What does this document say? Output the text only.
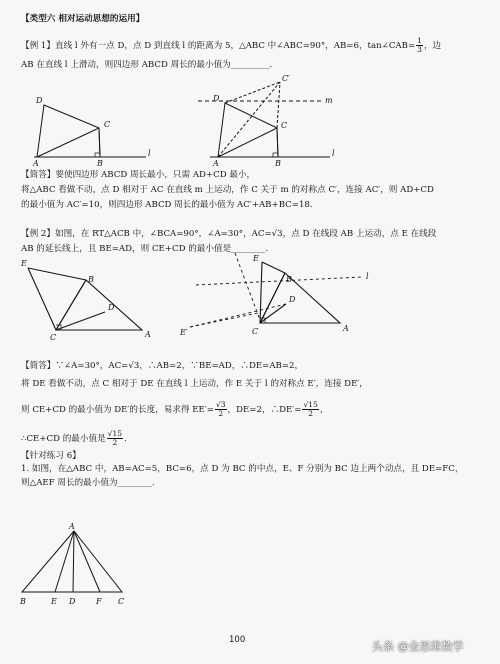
【类型六 相对运动思想的运用】
【例 1】直线 l 外有一点 D，点 D 到直线 l 的距离为 5，△ABC 中∠ABC=90°，AB=6，tan∠CAB= $\frac{1}{3}$ ，边
AB 在直线 l 上滑动，则四边形 ABCD 周长的最小值为_________.
D
C
A	B
l
C′
m
D
C
A	B
l
【简答】要使四边形 ABCD 周长最小，只需 AD+CD 最小，
将△ABC 看做不动，点 D 相对于 AC 在直线 m 上运动，作 C 关于 m 的对称点 C′，连接 AC′，则 AD+CD
的最小值为 AC′=10，则四边形 ABCD 周长的最小值为 AC′+AB+BC=18.
【例 2】如图，在 RT△ACB 中，∠BCA=90°，∠A=30°，AC=√3，点 D 在线段 AB 上运动，点 E 在线段
AB 的延长线上，且 BE=AD，则 CE+CD 的最小值是________.
E
B
D
C	A
E
B
D
E′	C	A
l
【简答】∵∠A=30°，AC=√3，∴AB=2，∵BE=AD，∴DE=AB=2，
将 DE 看做不动，点 C 相对于 DE 在直线 l 上运动，作 E 关于 l 的对称点 E′，连接 DE′，
则 CE+CD 的最小值为 DE′的长度，易求得 $EE'= \frac{√3}{2}$ ，DE=2，∴DE′= $\frac{√15}{2}$ ，
∴CE+CD 的最小值是 $\frac{√15}{2}$ .
【针对练习 6】
1. 如图，在△ABC 中，AB=AC=5，BC=6，点 D 为 BC 的中点，E、F 分别为 BC 边上两个动点，且 DE=FC，
则△AEF 周长的最小值为________.
A
B	E D	F C
100	头条 @金思维数学
